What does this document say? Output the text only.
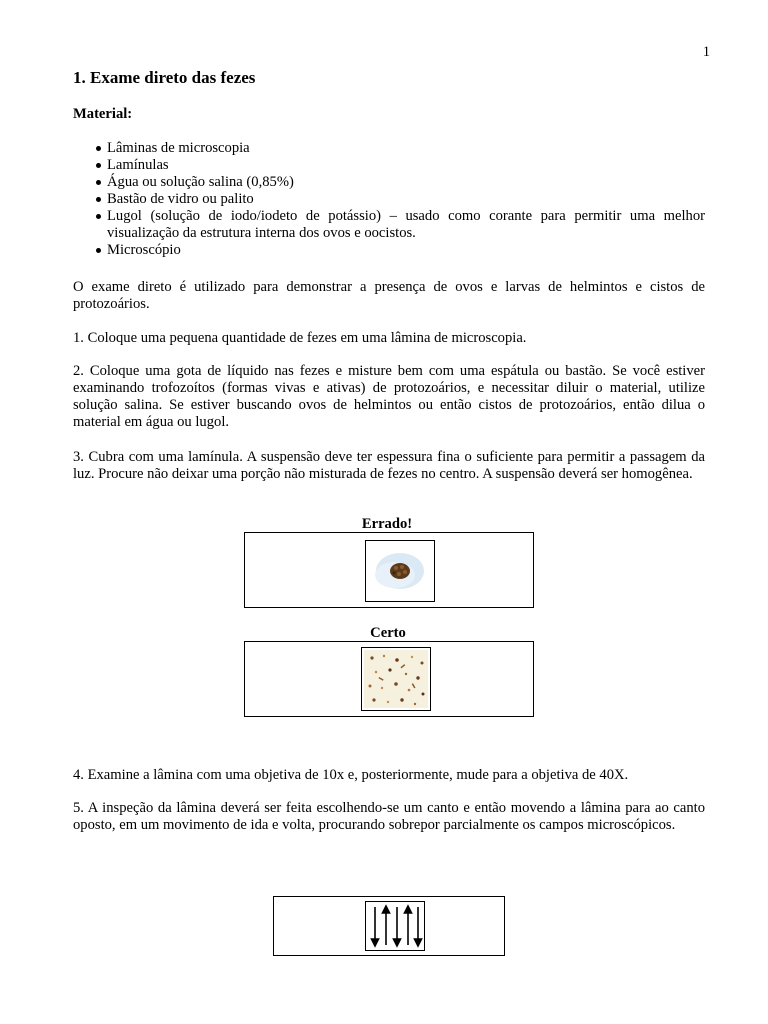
1
1. Exame direto das fezes
Material:
Lâminas de microscopia
Lamínulas
Água ou solução salina (0,85%)
Bastão de vidro ou palito
Lugol (solução de iodo/iodeto de potássio) – usado como corante para permitir uma melhor visualização da estrutura interna dos ovos e oocistos.
Microscópio
O exame direto é utilizado para demonstrar a presença de ovos e larvas de helmintos e cistos de protozoários.
1. Coloque uma pequena quantidade de fezes em uma lâmina de microscopia.
2. Coloque uma gota de líquido nas fezes e misture bem com uma espátula ou bastão. Se você estiver examinando trofozoítos (formas vivas e ativas) de protozoários, e necessitar diluir o material, utilize solução salina. Se estiver buscando ovos de helmintos ou então cistos de protozoários, então dilua o material em água ou lugol.
3. Cubra com uma lamínula. A suspensão deve ter espessura fina o suficiente para permitir a passagem da luz. Procure não deixar uma porção não misturada de fezes no centro. A suspensão deverá ser homogênea.
Errado!
Certo
4. Examine a lâmina com uma objetiva de 10x e, posteriormente, mude para a objetiva de 40X.
5. A inspeção da lâmina deverá ser feita escolhendo-se um canto e então movendo a lâmina para ao canto oposto, em um movimento de ida e volta, procurando sobrepor parcialmente os campos microscópicos.
